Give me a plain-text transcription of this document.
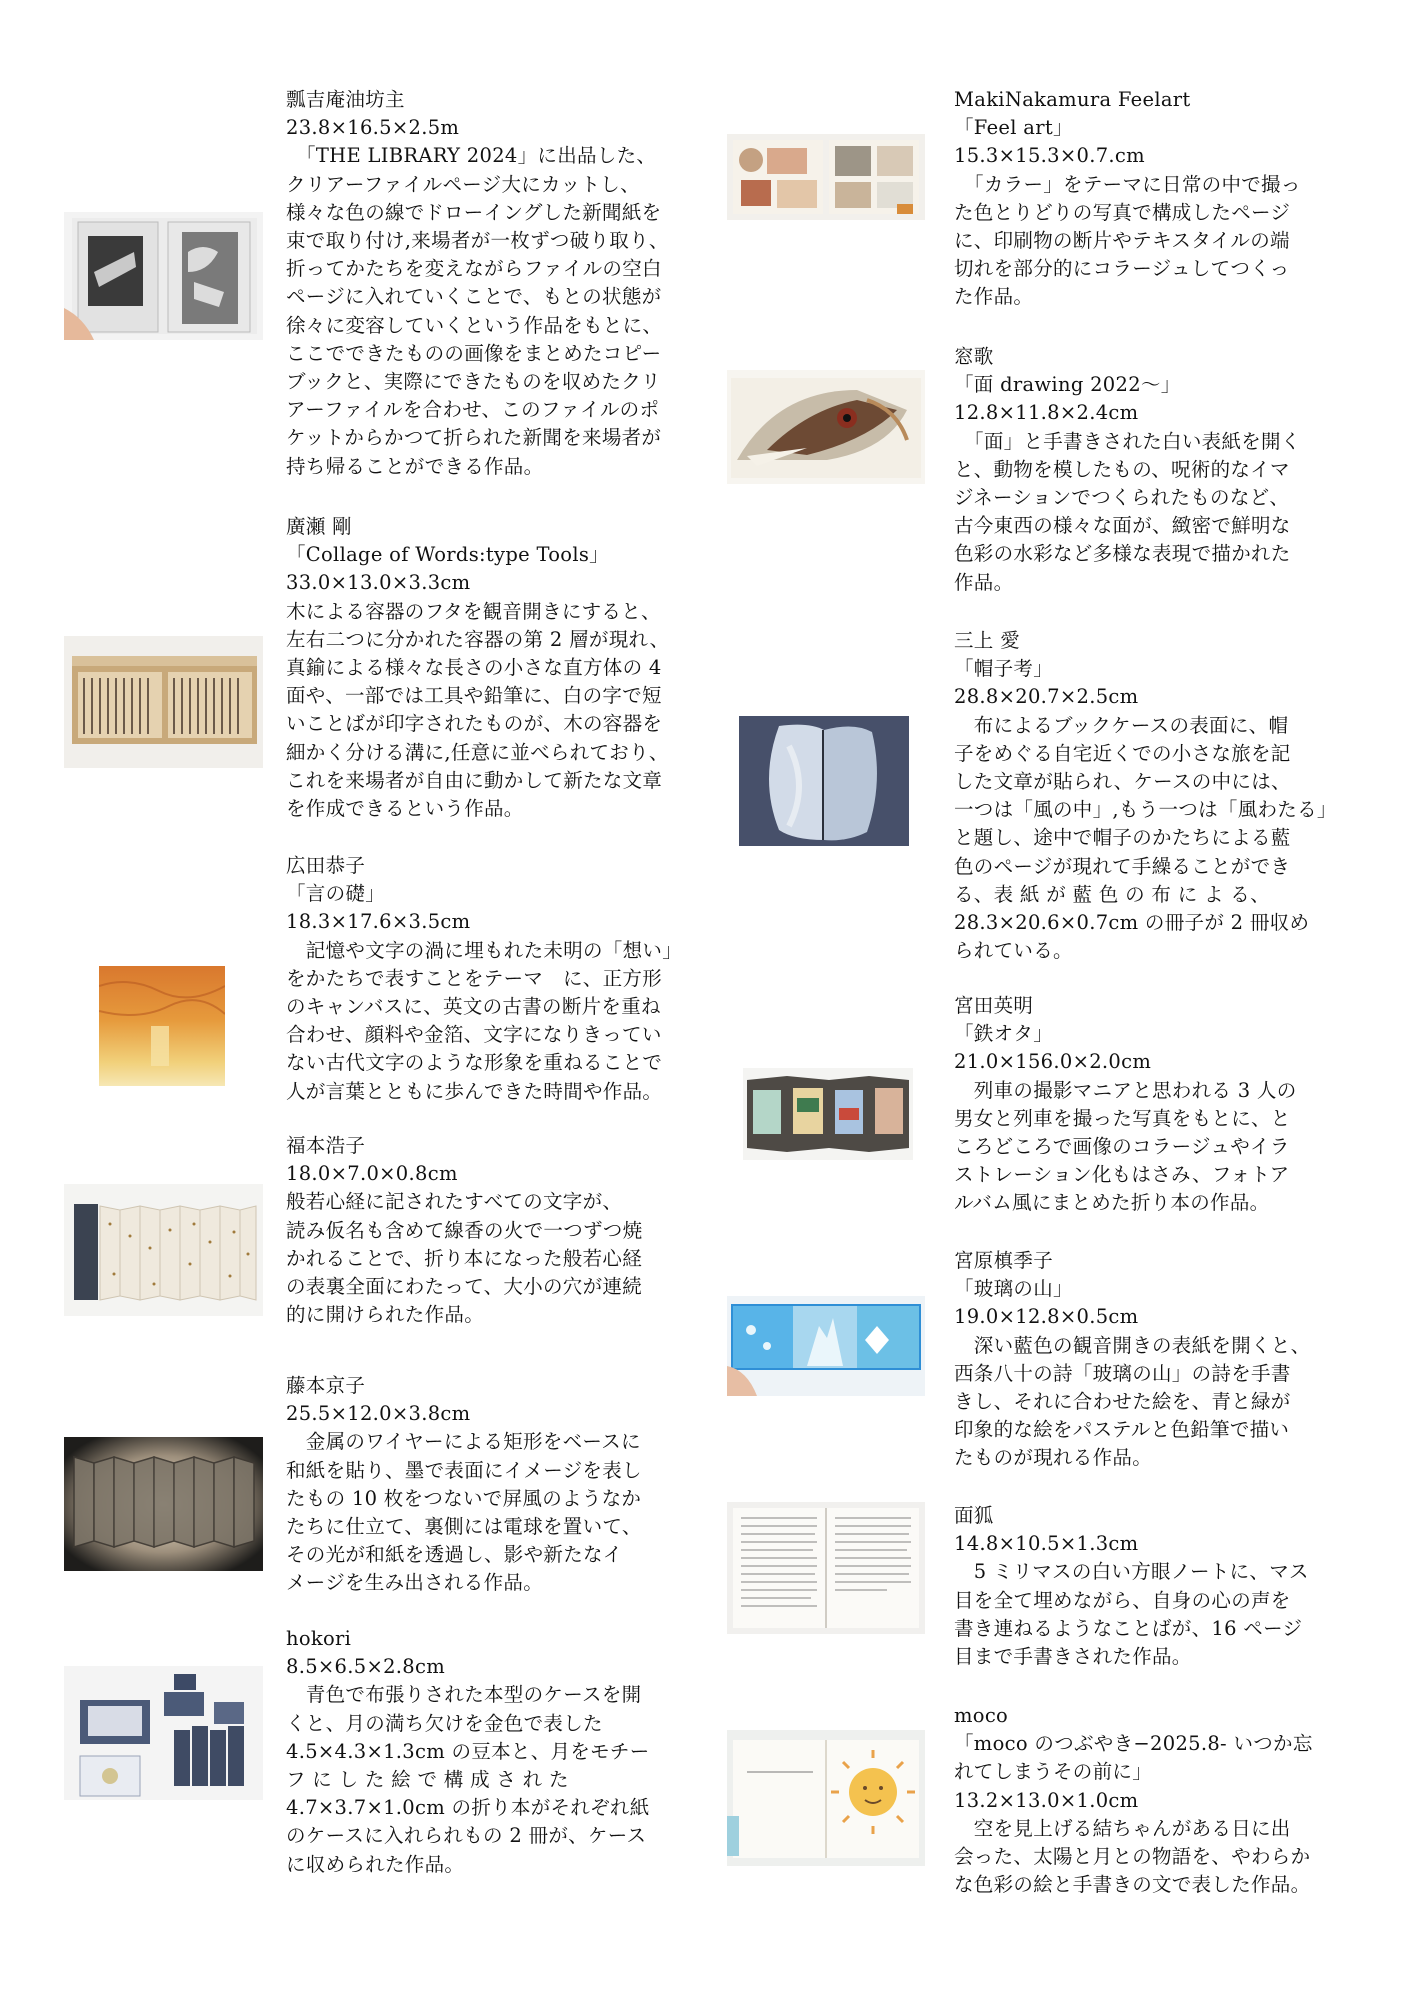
瓢吉庵油坊主
23.8×16.5×2.5m
　「THE LIBRARY 2024」に出品した、
クリアーファイルページ大にカットし、
様々な色の線でドローイングした新聞紙を
束で取り付け,来場者が一枚ずつ破り取り、
折ってかたちを変えながらファイルの空白
ページに入れていくことで、もとの状態が
徐々に変容していくという作品をもとに、
ここでできたものの画像をまとめたコピー
ブックと、実際にできたものを収めたクリ
アーファイルを合わせ、このファイルのポ
ケットからかつて折られた新聞を来場者が
持ち帰ることができる作品。
廣瀬 剛
「Collage of Words:type Tools」
33.0×13.0×3.3cm
木による容器のフタを観音開きにすると、
左右二つに分かれた容器の第 2 層が現れ、
真鍮による様々な長さの小さな直方体の 4
面や、一部では工具や鉛筆に、白の字で短
いことばが印字されたものが、木の容器を
細かく分ける溝に,任意に並べられており、
これを来場者が自由に動かして新たな文章
を作成できるという作品。
広田恭子
「言の礎」
18.3×17.6×3.5cm
　記憶や文字の渦に埋もれた未明の「想い」
をかたちで表すことをテーマ　に、正方形
のキャンバスに、英文の古書の断片を重ね
合わせ、顔料や金箔、文字になりきってい
ない古代文字のような形象を重ねることで
人が言葉とともに歩んできた時間や作品。
福本浩子
18.0×7.0×0.8cm
般若心経に記されたすべての文字が、
読み仮名も含めて線香の火で一つずつ焼
かれることで、折り本になった般若心経
の表裏全面にわたって、大小の穴が連続
的に開けられた作品。
藤本京子
25.5×12.0×3.8cm
　金属のワイヤーによる矩形をベースに
和紙を貼り、墨で表面にイメージを表し
たもの 10 枚をつないで屏風のようなか
たちに仕立て、裏側には電球を置いて、
その光が和紙を透過し、影や新たなイ
メージを生み出される作品。
hokori
8.5×6.5×2.8cm
　青色で布張りされた本型のケースを開
くと、月の満ち欠けを金色で表した
4.5×4.3×1.3cm の豆本と、月をモチー
フ に し た 絵 で 構 成 さ れ た
4.7×3.7×1.0cm の折り本がそれぞれ紙
のケースに入れられもの 2 冊が、ケース
に収められた作品。
MakiNakamura Feelart
「Feel art」
15.3×15.3×0.7.cm
　「カラー」をテーマに日常の中で撮っ
た色とりどりの写真で構成したページ
に、印刷物の断片やテキスタイルの端
切れを部分的にコラージュしてつくっ
た作品。
窓歌
「面 drawing 2022〜」
12.8×11.8×2.4cm
　「面」と手書きされた白い表紙を開く
と、動物を模したもの、呪術的なイマ
ジネーションでつくられたものなど、
古今東西の様々な面が、緻密で鮮明な
色彩の水彩など多様な表現で描かれた
作品。
三上 愛
「帽子考」
28.8×20.7×2.5cm
　布によるブックケースの表面に、帽
子をめぐる自宅近くでの小さな旅を記
した文章が貼られ、ケースの中には、
一つは「風の中」,もう一つは「風わたる」
と題し、途中で帽子のかたちによる藍
色のページが現れて手繰ることができ
る、表 紙 が 藍 色 の 布 に よ る、
28.3×20.6×0.7cm の冊子が 2 冊収め
られている。
宮田英明
「鉄オタ」
21.0×156.0×2.0cm
　列車の撮影マニアと思われる 3 人の
男女と列車を撮った写真をもとに、と
ころどころで画像のコラージュやイラ
ストレーション化もはさみ、フォトア
ルバム風にまとめた折り本の作品。
宮原槙季子
「玻璃の山」
19.0×12.8×0.5cm
　深い藍色の観音開きの表紙を開くと、
西条八十の詩「玻璃の山」の詩を手書
きし、それに合わせた絵を、青と緑が
印象的な絵をパステルと色鉛筆で描い
たものが現れる作品。
面狐
14.8×10.5×1.3cm
　5 ミリマスの白い方眼ノートに、マス
目を全て埋めながら、自身の心の声を
書き連ねるようなことばが、16 ページ
目まで手書きされた作品。
moco
「moco のつぶやき−2025.8- いつか忘
れてしまうその前に」
13.2×13.0×1.0cm
　空を見上げる結ちゃんがある日に出
会った、太陽と月との物語を、やわらか
な色彩の絵と手書きの文で表した作品。
